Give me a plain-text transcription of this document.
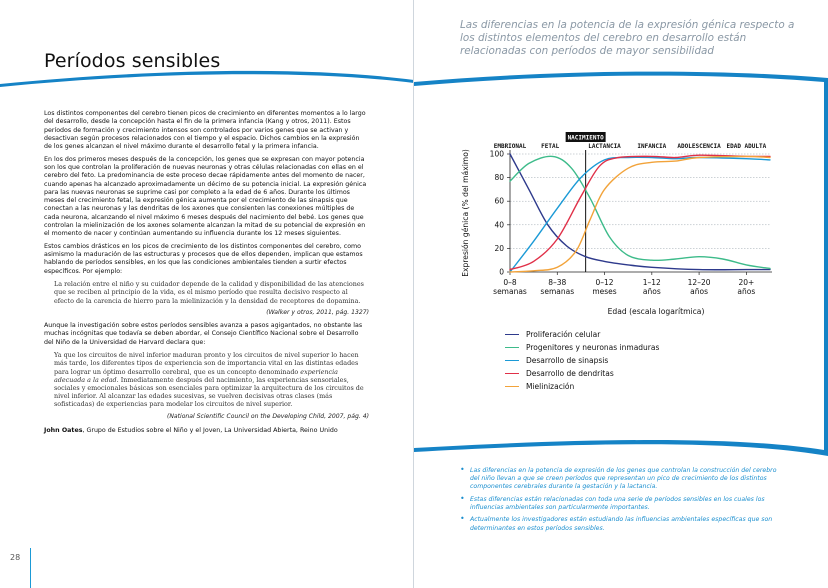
Períodos sensibles

Los distintos componentes del cerebro tienen picos de crecimiento en diferentes momentos a lo largo del desarrollo, desde la concepción hasta el fin de la primera infancia (Kang y otros, 2011). Estos períodos de formación y crecimiento intensos son controlados por varios genes que se activan y desactivan según procesos relacionados con el tiempo y el espacio. Dichos cambios en la expresión de los genes alcanzan el nivel máximo durante el desarrollo fetal y la primera infancia.

En los dos primeros meses después de la concepción, los genes que se expresan con mayor potencia son los que controlan la proliferación de nuevas neuronas y otras células relacionadas con ellas en el cerebro del feto. La predominancia de este proceso decae rápidamente antes del momento de nacer, cuando apenas ha alcanzado aproximadamente un décimo de su potencia inicial. La expresión génica para las nuevas neuronas se suprime casi por completo a la edad de 6 años. Durante los últimos meses del crecimiento fetal, la expresión génica aumenta por el crecimiento de las sinapsis que conectan a las neuronas y las dendritas de los axones que consienten las conexiones múltiples de cada neurona, alcanzando el nivel máximo 6 meses después del nacimiento del bebé. Los genes que controlan la mielinización de los axones solamente alcanzan la mitad de su potencial de expresión en el momento de nacer y continúan aumentando su influencia durante los 12 meses siguientes.

Estos cambios drásticos en los picos de crecimiento de los distintos componentes del cerebro, como asimismo la maduración de las estructuras y procesos que de ellos dependen, implican que estamos hablando de períodos sensibles, en los que las condiciones ambientales tienden a surtir efectos específicos. Por ejemplo:

La relación entre el niño y su cuidador depende de la calidad y disponibilidad de las atenciones que se reciben al principio de la vida, es el mismo período que resulta decisivo respecto al efecto de la carencia de hierro para la mielinización y la densidad de receptores de dopamina.
(Walker y otros, 2011, pág. 1327)

Aunque la investigación sobre estos períodos sensibles avanza a pasos agigantados, no obstante las muchas incógnitas que todavía se deben abordar, el Consejo Científico Nacional sobre el Desarrollo del Niño de la Universidad de Harvard declara que:

Ya que los circuitos de nivel inferior maduran pronto y los circuitos de nivel superior lo hacen más tarde, los diferentes tipos de experiencia son de importancia vital en las distintas edades para lograr un óptimo desarrollo cerebral, que es un concepto denominado experiencia adecuada a la edad. Inmediatamente después del nacimiento, las experiencias sensoriales, sociales y emocionales básicas son esenciales para optimizar la arquitectura de los circuitos de nivel inferior. Al alcanzar las edades sucesivas, se vuelven decisivas otras clases (más sofisticadas) de experiencias para modelar los circuitos de nivel superior.
(National Scientific Council on the Developing Child, 2007, pág. 4)

John Oates, Grupo de Estudios sobre el Niño y el Joven, La Universidad Abierta, Reino Unido

28
Las diferencias en la potencia de la expresión génica respecto a los distintos elementos del cerebro en desarrollo están relacionadas con períodos de mayor sensibilidad
0
20
40
60
80
100
Expresión génica (% del máximo)
0–8
semanas
8–38
semanas
0–12
meses
1–12
años
12–20
años
20+
años
Edad (escala logarítmica)
EMBRIONAL FETAL	LACTANCIA	INFANCIA ADOLESCENCIA EDAD ADULTA
NACIMIENTO
Proliferación celular
Progenitores y neuronas inmaduras
Desarrollo de sinapsis
Desarrollo de dendritas
Mielinización
• Las diferencias en la potencia de expresión de los genes que controlan la construcción del cerebro del niño llevan a que se creen períodos que representan un pico de crecimiento de los distintos componentes cerebrales durante la gestación y la lactancia.
• Estas diferencias están relacionadas con toda una serie de períodos sensibles en los cuales los influencias ambientales son particularmente importantes.
• Actualmente los investigadores están estudiando las influencias ambientales específicas que son determinantes en estos períodos sensibles.
